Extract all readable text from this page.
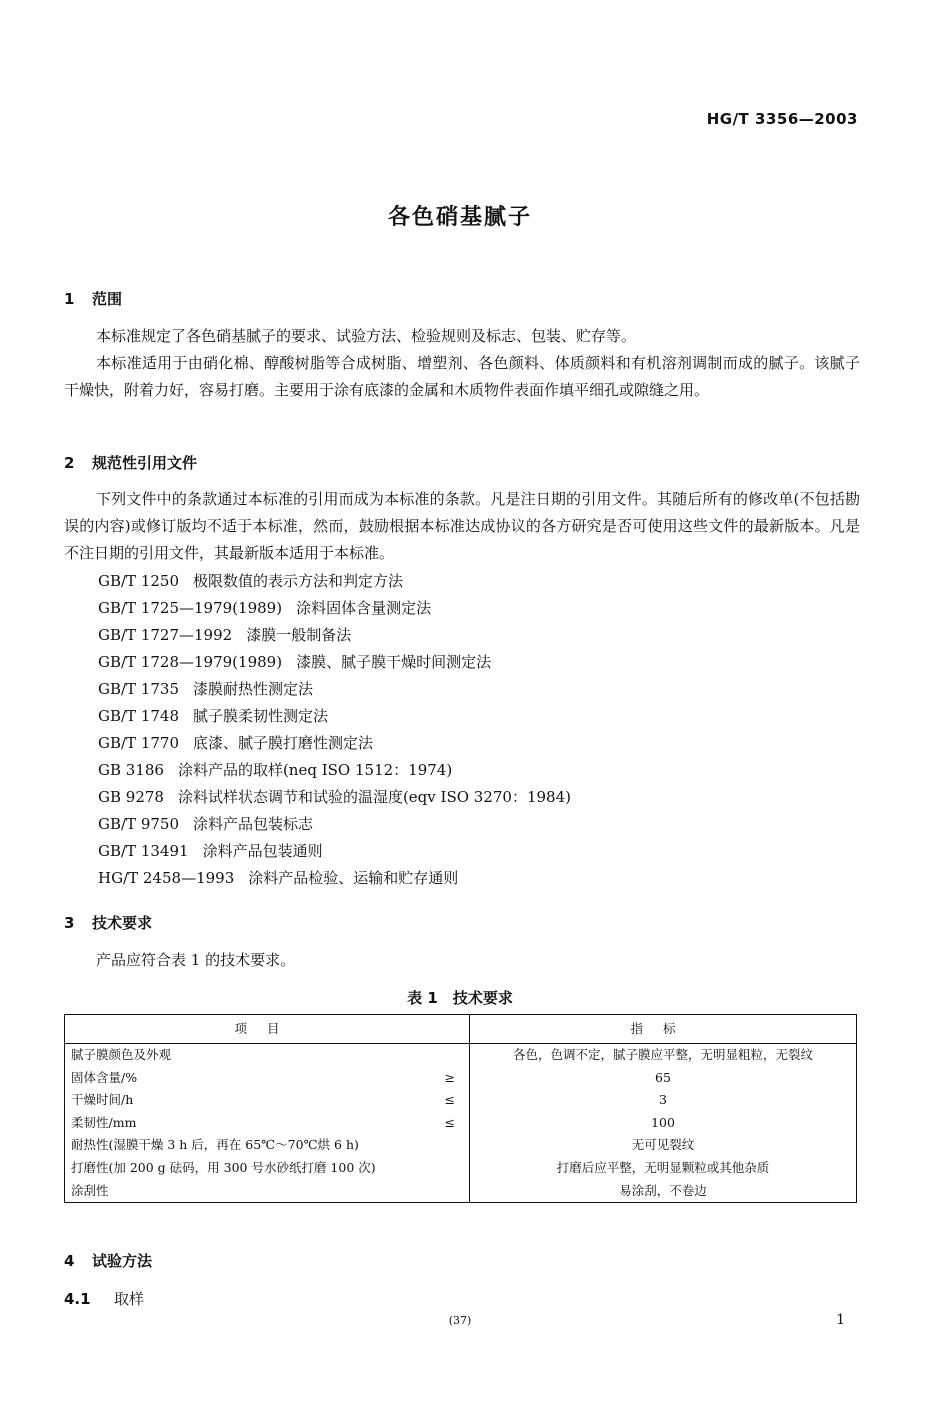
HG/T 3356—2003
各色硝基腻子
1 范围
本标准规定了各色硝基腻子的要求、试验方法、检验规则及标志、包装、贮存等。
本标准适用于由硝化棉、醇酸树脂等合成树脂、增塑剂、各色颜料、体质颜料和有机溶剂调制而成的腻子。该腻子干燥快，附着力好，容易打磨。主要用于涂有底漆的金属和木质物件表面作填平细孔或隙缝之用。
2 规范性引用文件
下列文件中的条款通过本标准的引用而成为本标准的条款。凡是注日期的引用文件。其随后所有的修改单(不包括勘误的内容)或修订版均不适于本标准，然而，鼓励根据本标准达成协议的各方研究是否可使用这些文件的最新版本。凡是不注日期的引用文件，其最新版本适用于本标准。
GB/T 1250 极限数值的表示方法和判定方法
GB/T 1725—1979(1989) 涂料固体含量测定法
GB/T 1727—1992 漆膜一般制备法
GB/T 1728—1979(1989) 漆膜、腻子膜干燥时间测定法
GB/T 1735 漆膜耐热性测定法
GB/T 1748 腻子膜柔韧性测定法
GB/T 1770 底漆、腻子膜打磨性测定法
GB 3186 涂料产品的取样(neq ISO 1512：1974)
GB 9278 涂料试样状态调节和试验的温湿度(eqv ISO 3270：1984)
GB/T 9750 涂料产品包装标志
GB/T 13491 涂料产品包装通则
HG/T 2458—1993 涂料产品检验、运输和贮存通则
3 技术要求
产品应符合表 1 的技术要求。
表 1　技术要求
项目	指标
腻子膜颜色及外观	各色，色调不定，腻子膜应平整，无明显粗粒，无裂纹
固体含量/% ≥	65
干燥时间/h ≤	3
柔韧性/mm ≤	100
耐热性(湿膜干燥 3 h 后，再在 65℃～70℃烘 6 h)	无可见裂纹
打磨性(加 200 g 砝码，用 300 号水砂纸打磨 100 次)	打磨后应平整，无明显颗粒或其他杂质
涂刮性	易涂刮，不卷边
4 试验方法
4.1 取样
(37)	1
